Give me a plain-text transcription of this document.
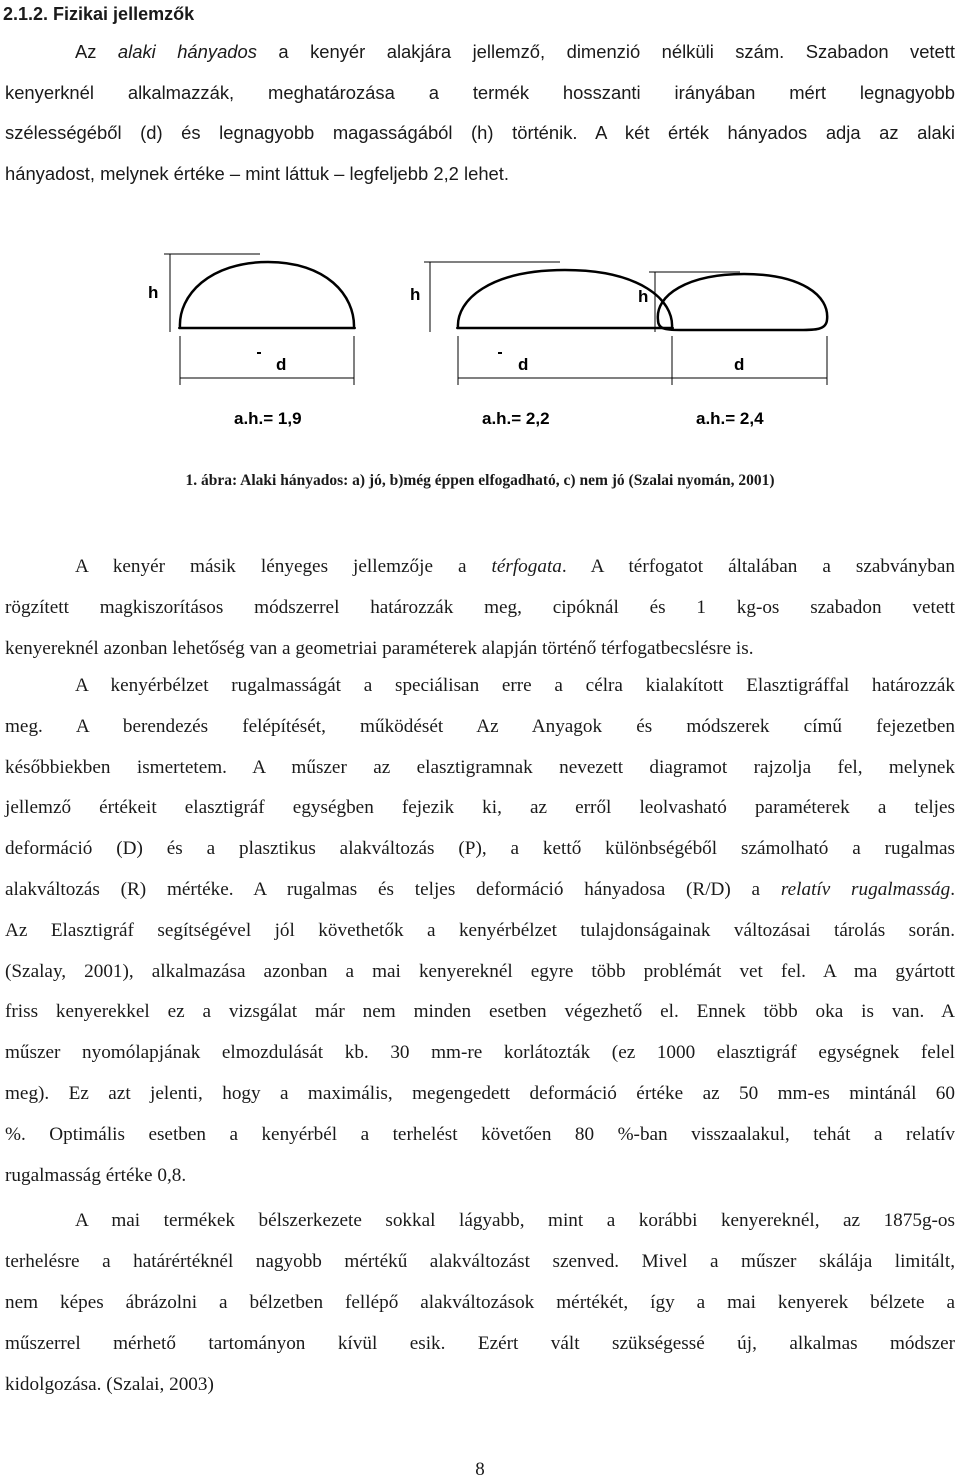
2.1.2. Fizikai jellemzők
Az alaki hányados a kenyér alakjára jellemző, dimenzió nélküli szám. Szabadon vetett
kenyerknél alkalmazzák, meghatározása a termék hosszanti irányában mért legnagyobb
szélességéből (d) és legnagyobb magasságából (h) történik. A két érték hányados adja az alaki
hányadost, melynek értéke – mint láttuk – legfeljebb 2,2 lehet.
h	h	h
d	d	d
a.h.= 1,9	a.h.= 2,2	a.h.= 2,4

1. ábra: Alaki hányados: a) jó, b)még éppen elfogadható, c) nem jó (Szalai nyomán, 2001)

A kenyér másik lényeges jellemzője a térfogata. A térfogatot általában a szabványban
rögzített magkiszorításos módszerrel határozzák meg, cipóknál és 1 kg-os szabadon vetett
kenyereknél azonban lehetőség van a geometriai paraméterek alapján történő térfogatbecslésre is.
A kenyérbélzet rugalmasságát a speciálisan erre a célra kialakított Elasztigráffal határozzák
meg. A berendezés felépítését, működését Az Anyagok és módszerek című fejezetben
későbbiekben ismertetem. A műszer az elasztigramnak nevezett diagramot rajzolja fel, melynek
jellemző értékeit elasztigráf egységben fejezik ki, az erről leolvasható paraméterek a teljes
deformáció (D) és a plasztikus alakváltozás (P), a kettő különbségéből számolható a rugalmas
alakváltozás (R) mértéke. A rugalmas és teljes deformáció hányadosa (R/D) a relatív rugalmasság.
Az Elasztigráf segítségével jól követhetők a kenyérbélzet tulajdonságainak változásai tárolás során.
(Szalay, 2001), alkalmazása azonban a mai kenyereknél egyre több problémát vet fel. A ma gyártott
friss kenyerekkel ez a vizsgálat már nem minden esetben végezhető el. Ennek több oka is van. A
műszer nyomólapjának elmozdulását kb. 30 mm-re korlátozták (ez 1000 elasztigráf egységnek felel
meg). Ez azt jelenti, hogy a maximális, megengedett deformáció értéke az 50 mm-es mintánál 60
%. Optimális esetben a kenyérbél a terhelést követően 80 %-ban visszaalakul, tehát a relatív
rugalmasság értéke 0,8.
A mai termékek bélszerkezete sokkal lágyabb, mint a korábbi kenyereknél, az 1875g-os
terhelésre a határértéknél nagyobb mértékű alakváltozást szenved. Mivel a műszer skálája limitált,
nem képes ábrázolni a bélzetben fellépő alakváltozások mértékét, így a mai kenyerek bélzete a
műszerrel mérhető tartományon kívül esik. Ezért vált szükségessé új, alkalmas módszer
kidolgozása. (Szalai, 2003)

8
